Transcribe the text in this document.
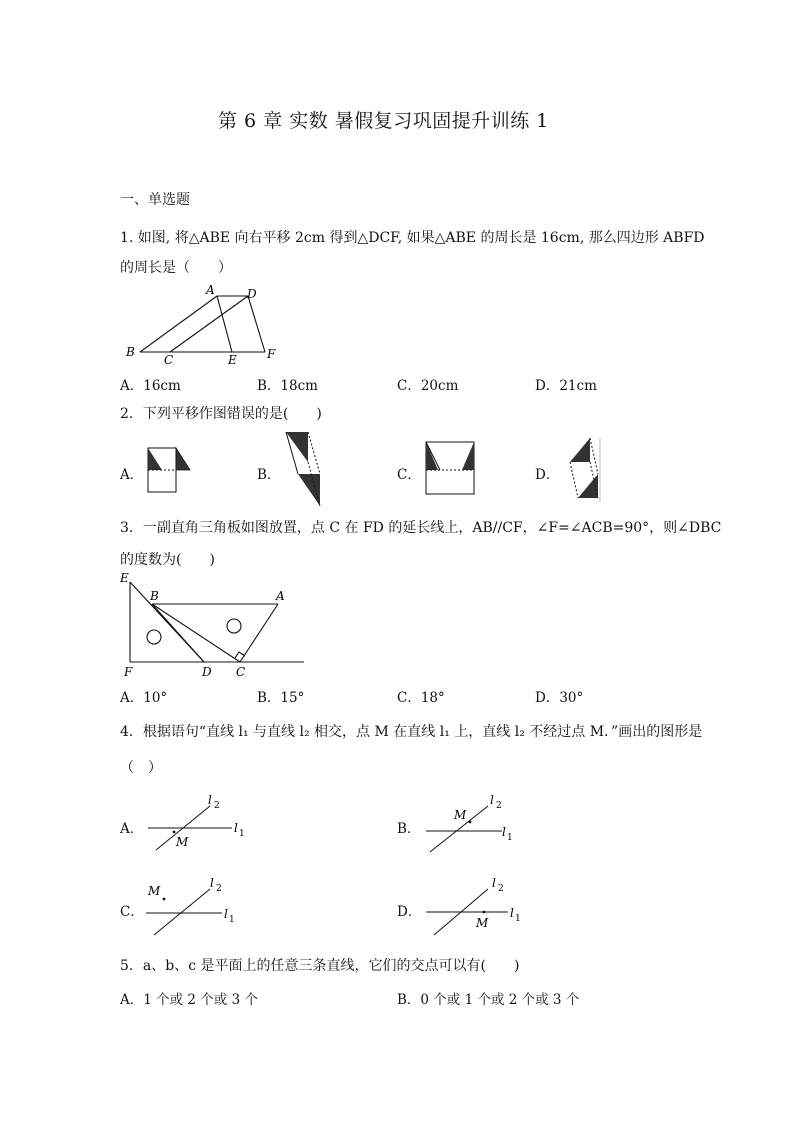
第 6 章 实数 暑假复习巩固提升训练 1
一、单选题
1. 如图, 将△ABE 向右平移 2cm 得到△DCF, 如果△ABE 的周长是 16cm, 那么四边形 ABFD
的周长是（　　）
A	D
B
C	E	F
A．16cm	B．18cm	C．20cm	D．21cm
2．下列平移作图错误的是(　　)
A．	B．	C．	D．
3．一副直角三角板如图放置，点 C 在 FD 的延长线上，AB//CF，∠F=∠ACB=90°，则∠DBC
的度数为(　　)
E
B	A
F	D C
A．10°	B．15°	C．18°	D．30°
4．根据语句“直线 l₁ 与直线 l₂ 相交，点 M 在直线 l₁ 上，直线 l₂ 不经过点 M．”画出的图形是
（　）
A．
M
l 2
l 1	B．
M
l 2
l 1
C．
M
l 2
l 1	D．
M
l 2
l 1
5．a、b、c 是平面上的任意三条直线，它们的交点可以有(　　)
A．1 个或 2 个或 3 个	B．0 个或 1 个或 2 个或 3 个
